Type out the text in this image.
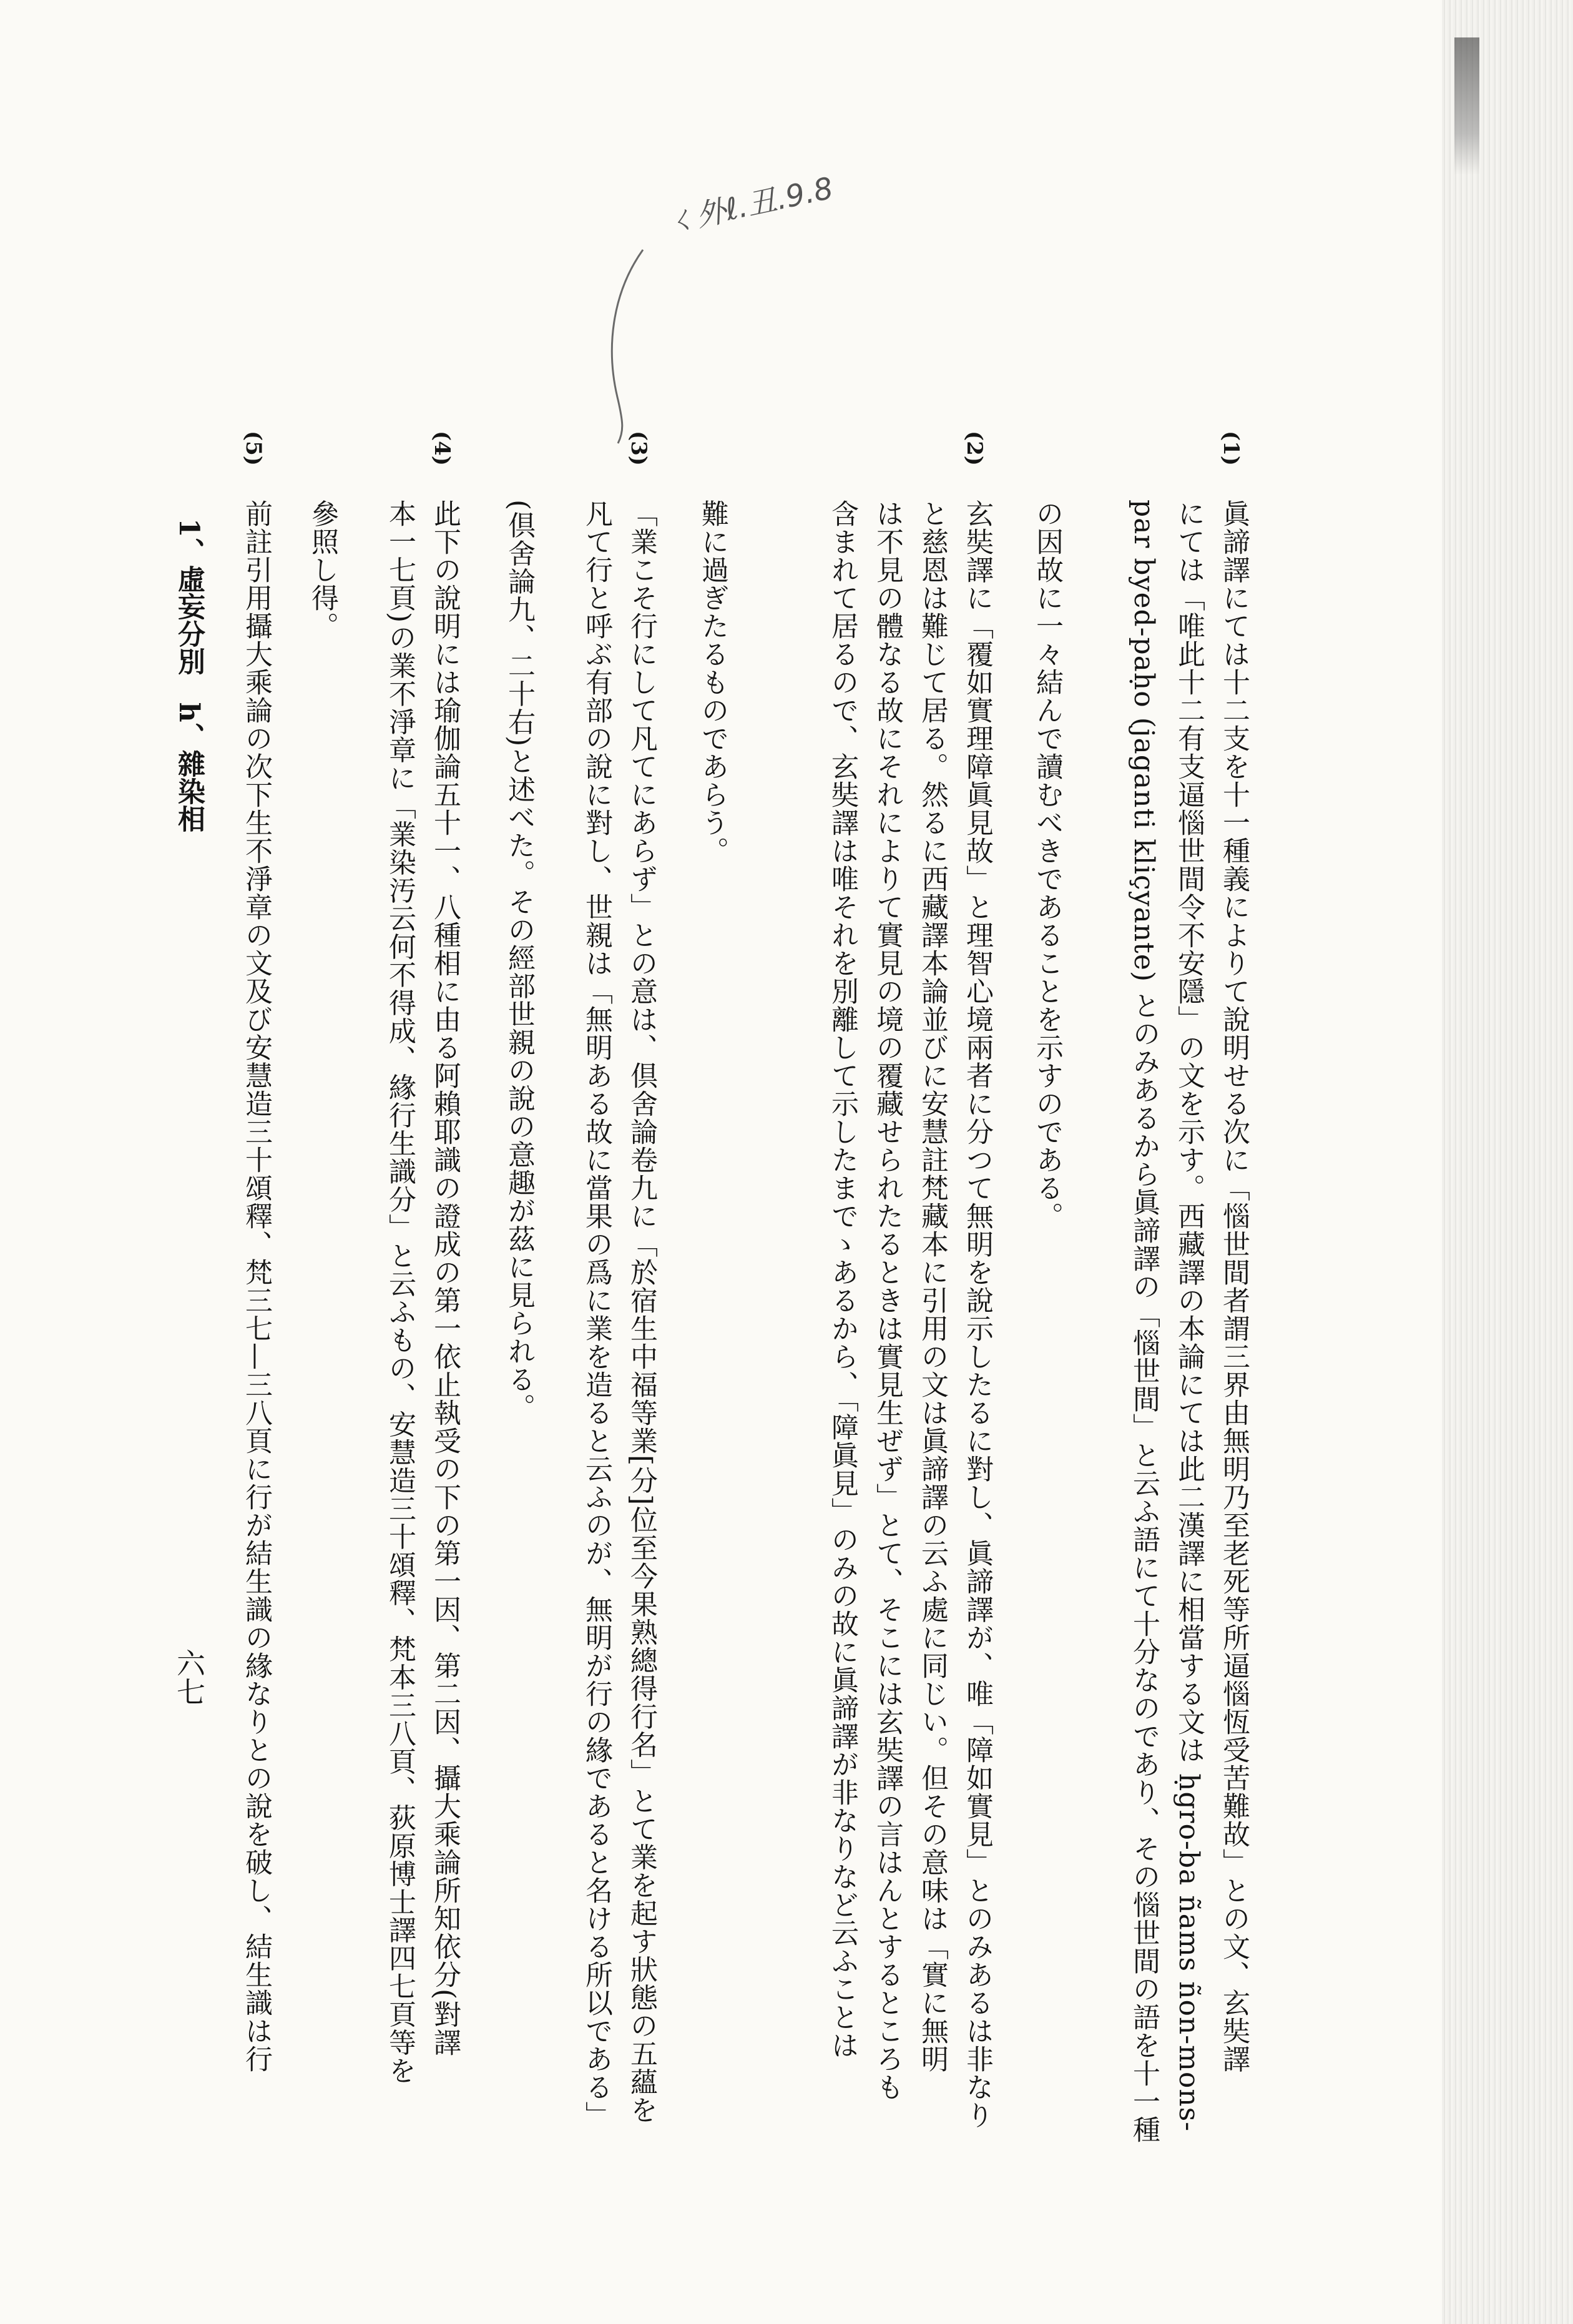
ㄑ外ℓ.丑.9.8
(1)
眞諦譯にては十二支を十一種義によりて說明せる次に「惱世間者謂三界由無明乃至老死等所逼惱恆受苦難故」との文、玄奘譯
にては「唯此十二有支逼惱世間令不安隱」の文を示す。西藏譯の本論にては此二漢譯に相當する文は ḥgro-ba ñams ñon-mons-
par byed-paḥo (jaganti kliçyante) とのみあるから眞諦譯の「惱世間」と云ふ語にて十分なのであり、その惱世間の語を十一種
の因故に一々結んで讀むべきであることを示すのである。
(2)
玄奘譯に「覆如實理障眞見故」と理智心境兩者に分つて無明を說示したるに對し、眞諦譯が、唯「障如實見」とのみあるは非なり
と慈恩は難じて居る。然るに西藏譯本論並びに安慧註梵藏本に引用の文は眞諦譯の云ふ處に同じい。但その意味は「實に無明
は不見の體なる故にそれによりて實見の境の覆藏せられたるときは實見生ぜず」とて、そこには玄奘譯の言はんとするところも
含まれて居るので、玄奘譯は唯それを別離して示したまでゝあるから、「障眞見」のみの故に眞諦譯が非なりなど云ふことは
難に過ぎたるものであらう。
(3)
「業こそ行にして凡てにあらず」との意は、倶舍論卷九に「於宿生中福等業[分]位至今果熟總得行名」とて業を起す狀態の五蘊を
凡て行と呼ぶ有部の說に對し、世親は「無明ある故に當果の爲に業を造ると云ふのが、無明が行の緣であると名ける所以である」
(倶舍論九、二十右)と述べた。その經部世親の說の意趣が茲に見られる。
(4)
此下の說明には瑜伽論五十一、八種相に由る阿賴耶識の證成の第一依止執受の下の第一因、第二因、攝大乘論所知依分(對譯
本一七頁)の業不淨章に「業染汚云何不得成、緣行生識分」と云ふもの、安慧造三十頌釋、梵本三八頁、荻原博士譯四七頁等を
參照し得。
(5)
前註引用攝大乘論の次下生不淨章の文及び安慧造三十頌釋、梵三七—三八頁に行が結生識の緣なりとの說を破し、結生識は行
1、虛妄分別　h、雜染相
六七
